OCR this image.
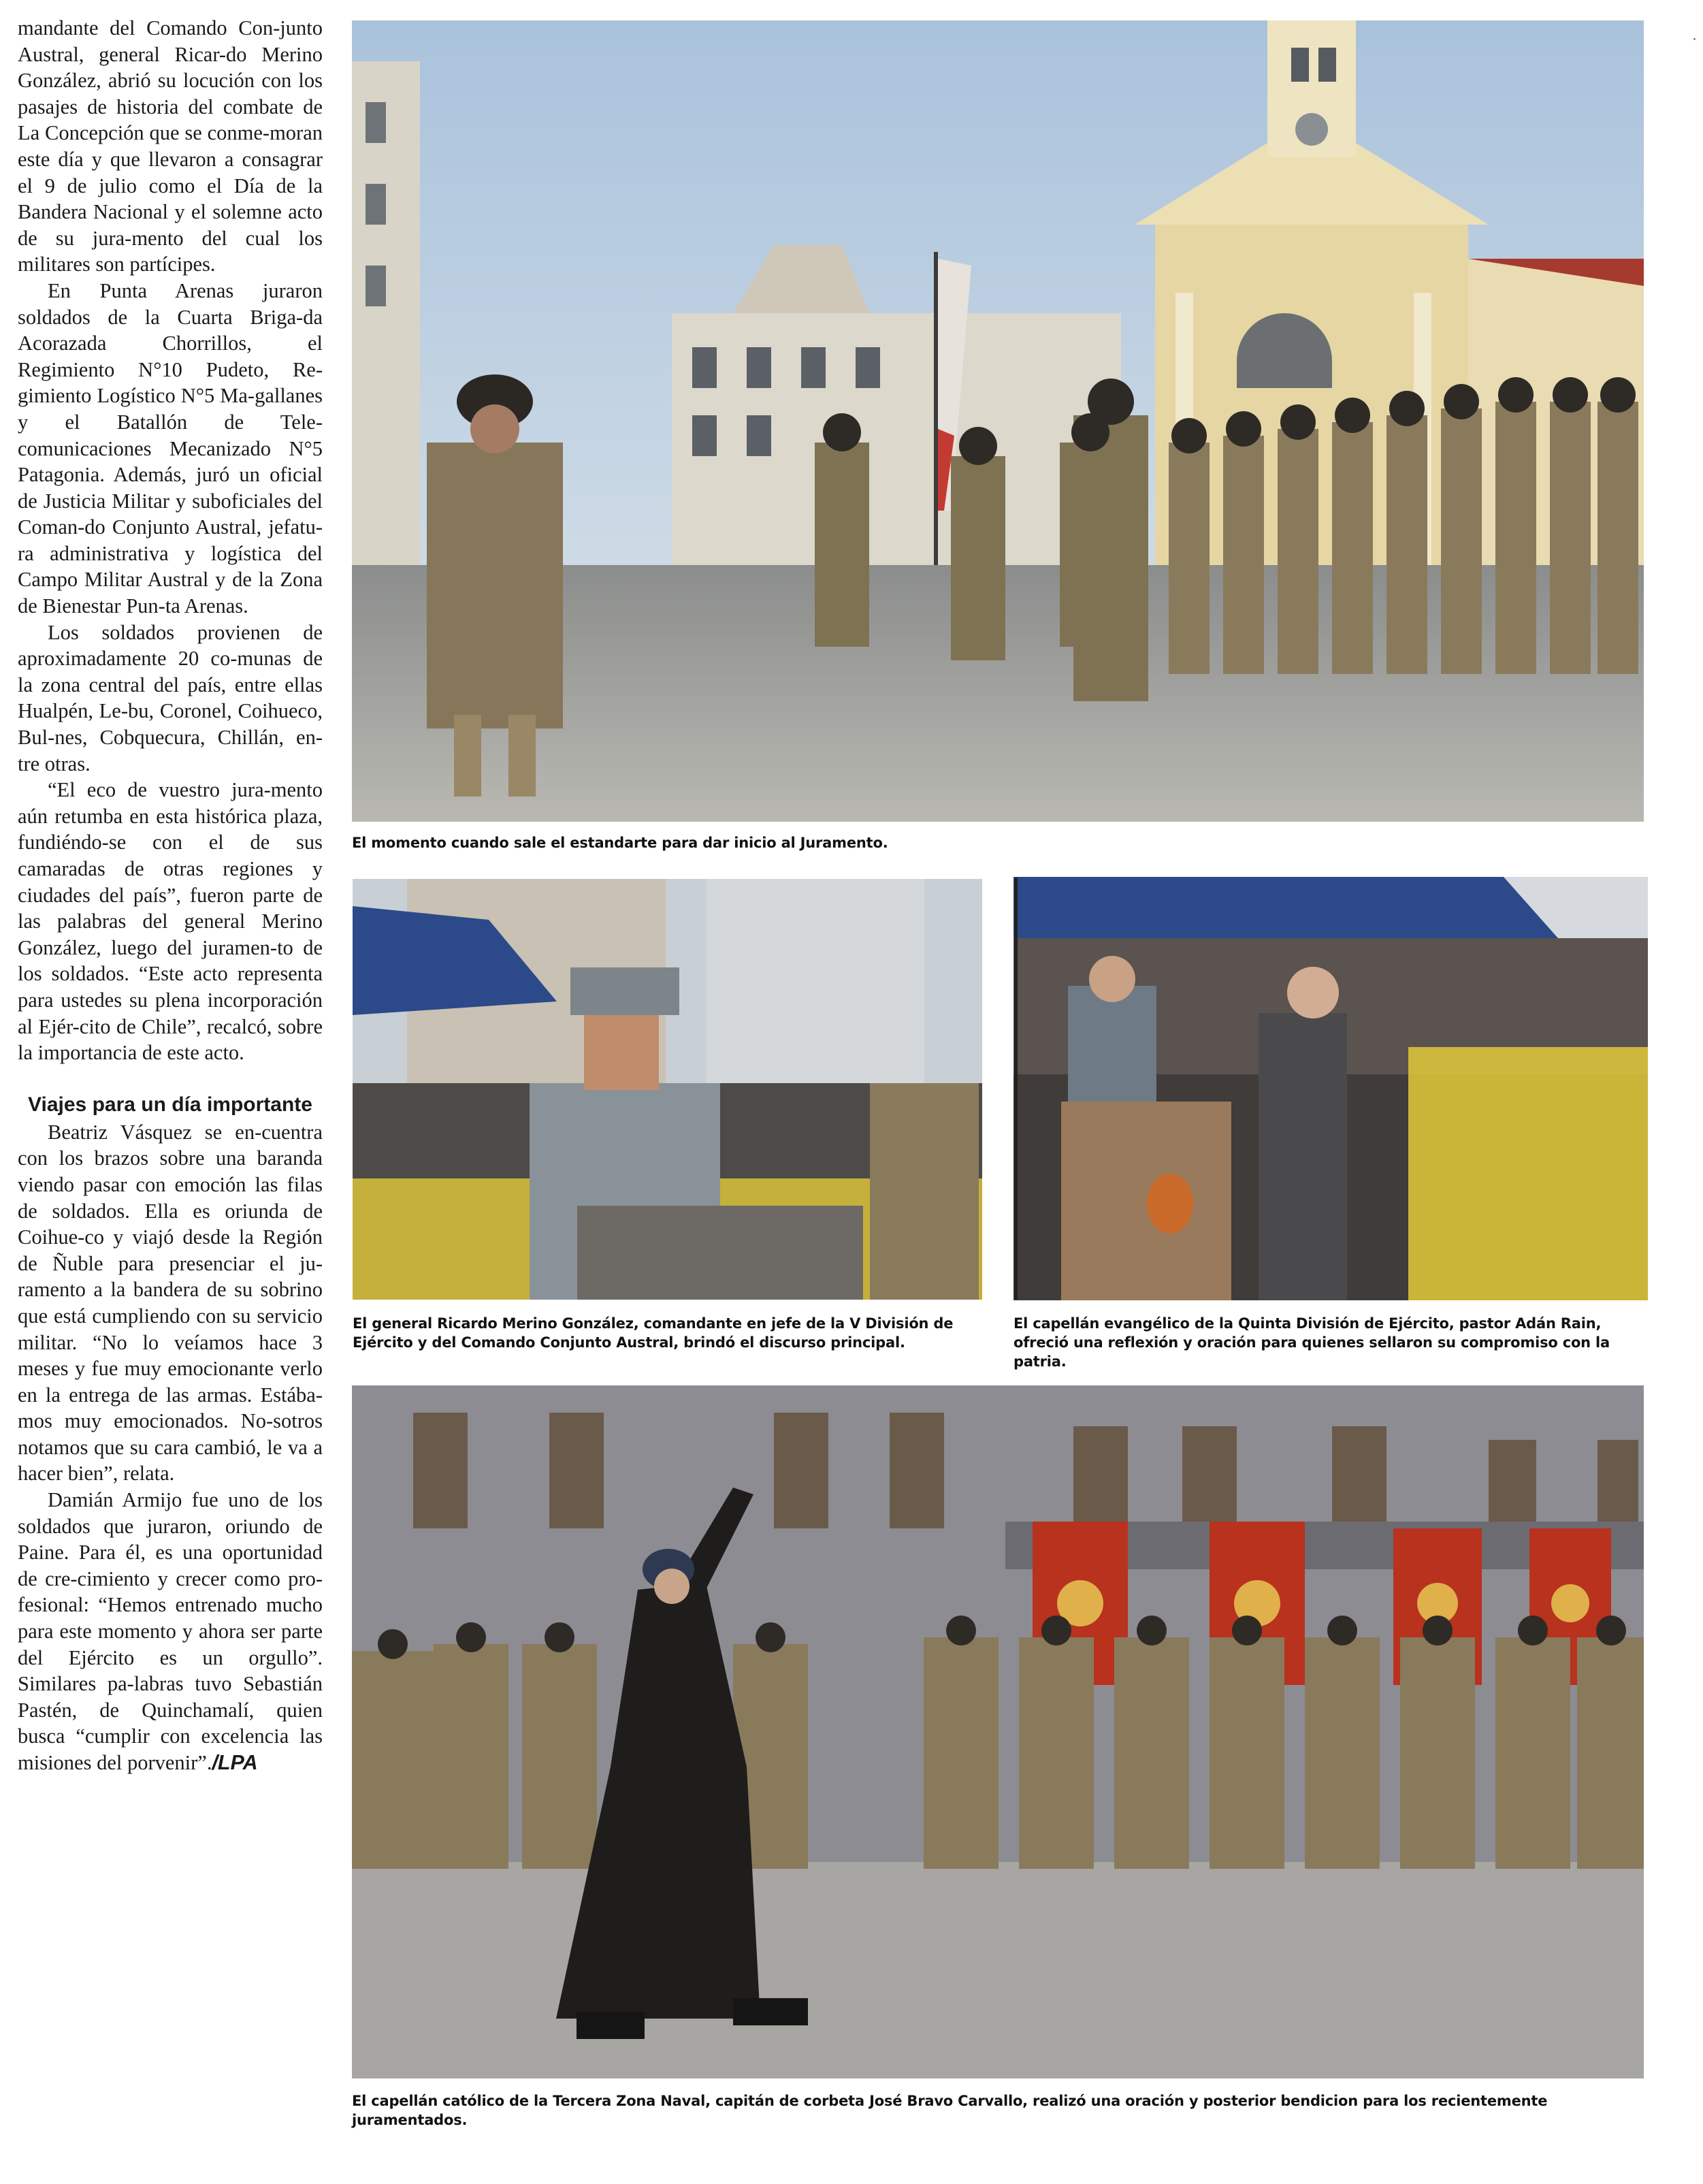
mandante del Comando Con-junto Austral, general Ricar-do Merino González, abrió su locución con los pasajes de historia del combate de La Concepción que se conme-moran este día y que llevaron a consagrar el 9 de julio como el Día de la Bandera Nacional y el solemne acto de su jura-mento del cual los militares son partícipes.

En Punta Arenas juraron soldados de la Cuarta Briga-da Acorazada Chorrillos, el Regimiento N°10 Pudeto, Re-gimiento Logístico N°5 Ma-gallanes y el Batallón de Tele-comunicaciones Mecanizado N°5 Patagonia. Además, juró un oficial de Justicia Militar y suboficiales del Coman-do Conjunto Austral, jefatu-ra administrativa y logística del Campo Militar Austral y de la Zona de Bienestar Pun-ta Arenas.

Los soldados provienen de aproximadamente 20 co-munas de la zona central del país, entre ellas Hualpén, Le-bu, Coronel, Coihueco, Bul-nes, Cobquecura, Chillán, en-tre otras.

“El eco de vuestro jura-mento aún retumba en esta histórica plaza, fundiéndo-se con el de sus camaradas de otras regiones y ciudades del país”, fueron parte de las palabras del general Merino González, luego del juramen-to de los soldados. “Este acto representa para ustedes su plena incorporación al Ejér-cito de Chile”, recalcó, sobre la importancia de este acto.

Viajes para un día importante

Beatriz Vásquez se en-cuentra con los brazos sobre una baranda viendo pasar con emoción las filas de soldados. Ella es oriunda de Coihue-co y viajó desde la Región de Ñuble para presenciar el ju-ramento a la bandera de su sobrino que está cumpliendo con su servicio militar. “No lo veíamos hace 3 meses y fue muy emocionante verlo en la entrega de las armas. Estába-mos muy emocionados. No-sotros notamos que su cara cambió, le va a hacer bien”, relata.

Damián Armijo fue uno de los soldados que juraron, oriundo de Paine. Para él, es una oportunidad de cre-cimiento y crecer como pro-fesional: “Hemos entrenado mucho para este momento y ahora ser parte del Ejército es un orgullo”. Similares pa-labras tuvo Sebastián Pastén, de Quinchamalí, quien busca “cumplir con excelencia las misiones del porvenir”./LPA

El momento cuando sale el estandarte para dar inicio al Juramento.
El general Ricardo Merino González, comandante en jefe de la V División de Ejército y del Comando Conjunto Austral, brindó el discurso principal.
El capellán evangélico de la Quinta División de Ejército, pastor Adán Rain, ofreció una reflexión y oración para quienes sellaron su compromiso con la patria.
El capellán católico de la Tercera Zona Naval, capitán de corbeta José Bravo Carvallo, realizó una oración y posterior bendicion para los recientemente juramentados.
˙
